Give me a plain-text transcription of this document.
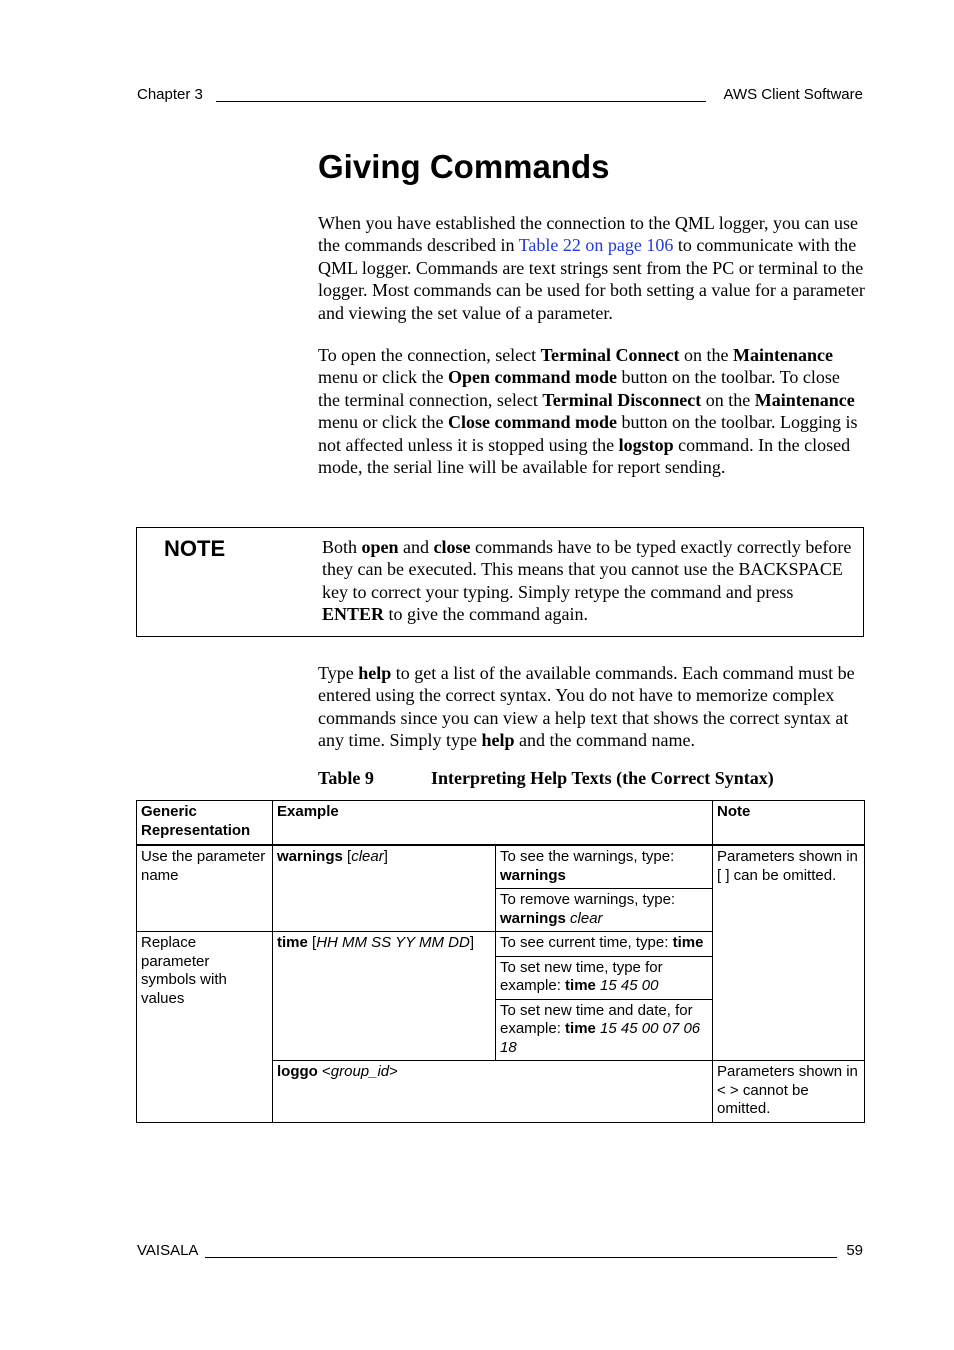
Chapter 3	AWS Client Software
Giving Commands

When you have established the connection to the QML logger, you can use the commands described in Table 22 on page 106 to communicate with the QML logger. Commands are text strings sent from the PC or terminal to the logger. Most commands can be used for both setting a value for a parameter and viewing the set value of a parameter.

To open the connection, select Terminal Connect on the Maintenance menu or click the Open command mode button on the toolbar. To close the terminal connection, select Terminal Disconnect on the Maintenance menu or click the Close command mode button on the toolbar. Logging is not affected unless it is stopped using the logstop command. In the closed mode, the serial line will be available for report sending.

NOTE	Both open and close commands have to be typed exactly correctly before they can be executed. This means that you cannot use the BACKSPACE key to correct your typing. Simply retype the command and press ENTER to give the command again.

Type help to get a list of the available commands. Each command must be entered using the correct syntax. You do not have to memorize complex commands since you can view a help text that shows the correct syntax at any time. Simply type help and the command name.

Table 9	Interpreting Help Texts (the Correct Syntax)
Generic Representation	Example		Note
Use the parameter name	warnings [clear]	To see the warnings, type: warnings	Parameters shown in [ ] can be omitted.
		To remove warnings, type: warnings clear	
Replace parameter symbols with values	time [HH MM SS YY MM DD]	To see current time, type: time	
		To set new time, type for example: time 15 45 00	
		To set new time and date, for example: time 15 45 00 07 06 18	
	loggo <group_id>		Parameters shown in < > cannot be omitted.
VAISALA	59
